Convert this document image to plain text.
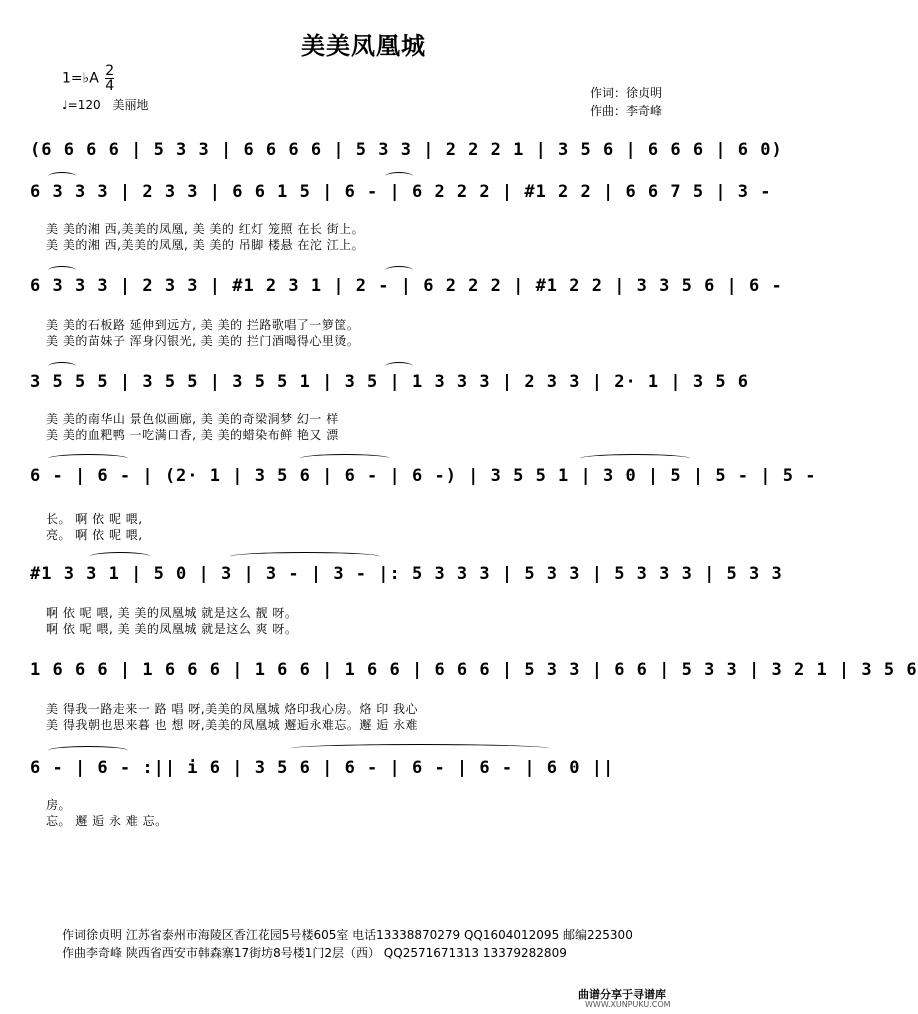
美美凤凰城
1=♭A $\frac{2}{4}$
♩=120 美丽地
作词：徐贞明
作曲：李奇峰
(6 6 6 6 | 5 3 3 | 6 6 6 6 | 5 3 3 | 2 2 2 1 | 3 5 6 | 6 6 6 | 6 0)
6 3 3 3 | 2 3 3 | 6 6 1 5 | 6 - | 6 2 2 2 | #1 2 2 | 6 6 7 5 | 3 -
美 美的湘 西,美美的凤凰, 美 美的 红灯 笼照 在长 街上。
美 美的湘 西,美美的凤凰, 美 美的 吊脚 楼悬 在沱 江上。
6 3 3 3 | 2 3 3 | #1 2 3 1 | 2 - | 6 2 2 2 | #1 2 2 | 3 3 5 6 | 6 -
美 美的石板路 延伸到远方, 美 美的 拦路歌唱了一箩筐。
美 美的苗妹子 浑身闪银光, 美 美的 拦门酒喝得心里烫。
3 5 5 5 | 3 5 5 | 3 5 5 1 | 3 5 | 1 3 3 3 | 2 3 3 | 2· 1 | 3 5 6
美 美的南华山 景色似画廊, 美 美的奇梁洞梦 幻一 样
美 美的血粑鸭 一吃满口香, 美 美的蜡染布鲜 艳又 漂
6 - | 6 - | (2· 1 | 3 5 6 | 6 - | 6 -) | 3 5 5 1 | 3 0 | 5 | 5 - | 5 -
长。 啊 依 呢 喂,
亮。 啊 依 呢 喂,
#1 3 3 1 | 5 0 | 3 | 3 - | 3 - |: 5 3 3 3 | 5 3 3 | 5 3 3 3 | 5 3 3
啊 依 呢 喂, 美 美的凤凰城 就是这么 靓 呀。
啊 依 呢 喂, 美 美的凤凰城 就是这么 爽 呀。
1 6 6 6 | 1 6 6 6 | 1 6 6 | 1 6 6 | 6 6 6 | 5 3 3 | 6 6 | 5 3 3 | 3 2 1 | 3 5 6
美 得我一路走来一 路 唱 呀,美美的凤凰城 烙印我心房。烙 印 我心
美 得我朝也思来暮 也 想 呀,美美的凤凰城 邂逅永难忘。邂 逅 永难
6 - | 6 - :|| i 6 | 3 5 6 | 6 - | 6 - | 6 - | 6 0 ||
房。
忘。 邂 逅 永 难 忘。
作词徐贞明 江苏省泰州市海陵区香江花园5号楼605室 电话13338870279 QQ1604012095 邮编225300
作曲李奇峰 陕西省西安市韩森寨17街坊8号楼1门2层（西） QQ2571671313 13379282809
曲谱分享于寻谱库
WWW.XUNPUKU.COM
